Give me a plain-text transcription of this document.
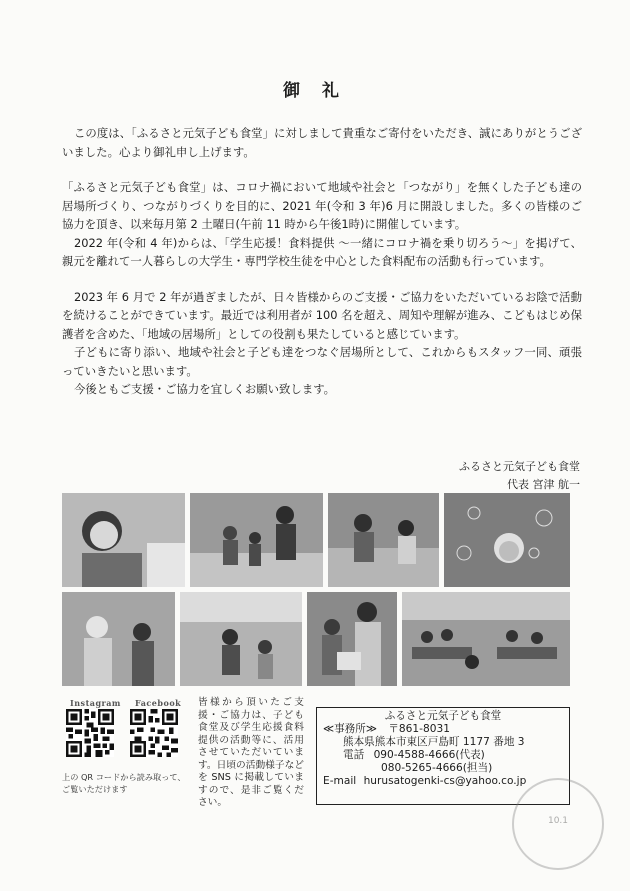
御 礼

この度は、「ふるさと元気子ども食堂」に対しまして貴重なご寄付をいただき、誠にありがとうございました。心より御礼申し上げます。

「ふるさと元気子ども食堂」は、コロナ禍において地域や社会と「つながり」を無くした子ども達の居場所づくり、つながりづくりを目的に、2021 年(令和 3 年)6 月に開設しました。多くの皆様のご協力を頂き、以来毎月第 2 土曜日(午前 11 時から午後1時)に開催しています。

2022 年(令和 4 年)からは、「学生応援！食料提供 ～一緒にコロナ禍を乗り切ろう～」を掲げて、親元を離れて一人暮らしの大学生・専門学校生徒を中心とした食料配布の活動も行っています。

2023 年 6 月で 2 年が過ぎましたが、日々皆様からのご支援・ご協力をいただいているお陰で活動を続けることができています。最近では利用者が 100 名を超え、周知や理解が進み、こどもはじめ保護者を含めた、「地域の居場所」としての役割も果たしていると感じています。

子どもに寄り添い、地域や社会と子ども達をつなぐ居場所として、これからもスタッフ一同、頑張っていきたいと思います。

今後ともご支援・ご協力を宜しくお願い致します。

ふるさと元気子ども食堂
代表 宮津 航一
Instagram Facebook
上の QR コードから読み取って、ご覧いただけます
皆様から頂いたご支援・ご協力は、子ども食堂及び学生応援食料提供の活動等に、活用させていただいています。日頃の活動様子などを SNS に掲載していますので、是非ご覧ください。
ふるさと元気子ども食堂
≪事務所≫ 〒861-8031
熊本県熊本市東区戸島町 1177 番地 3
電話 090-4588-4666(代表)
080-5265-4666(担当)
E-mail hurusatogenki-cs@yahoo.co.jp
10.1
